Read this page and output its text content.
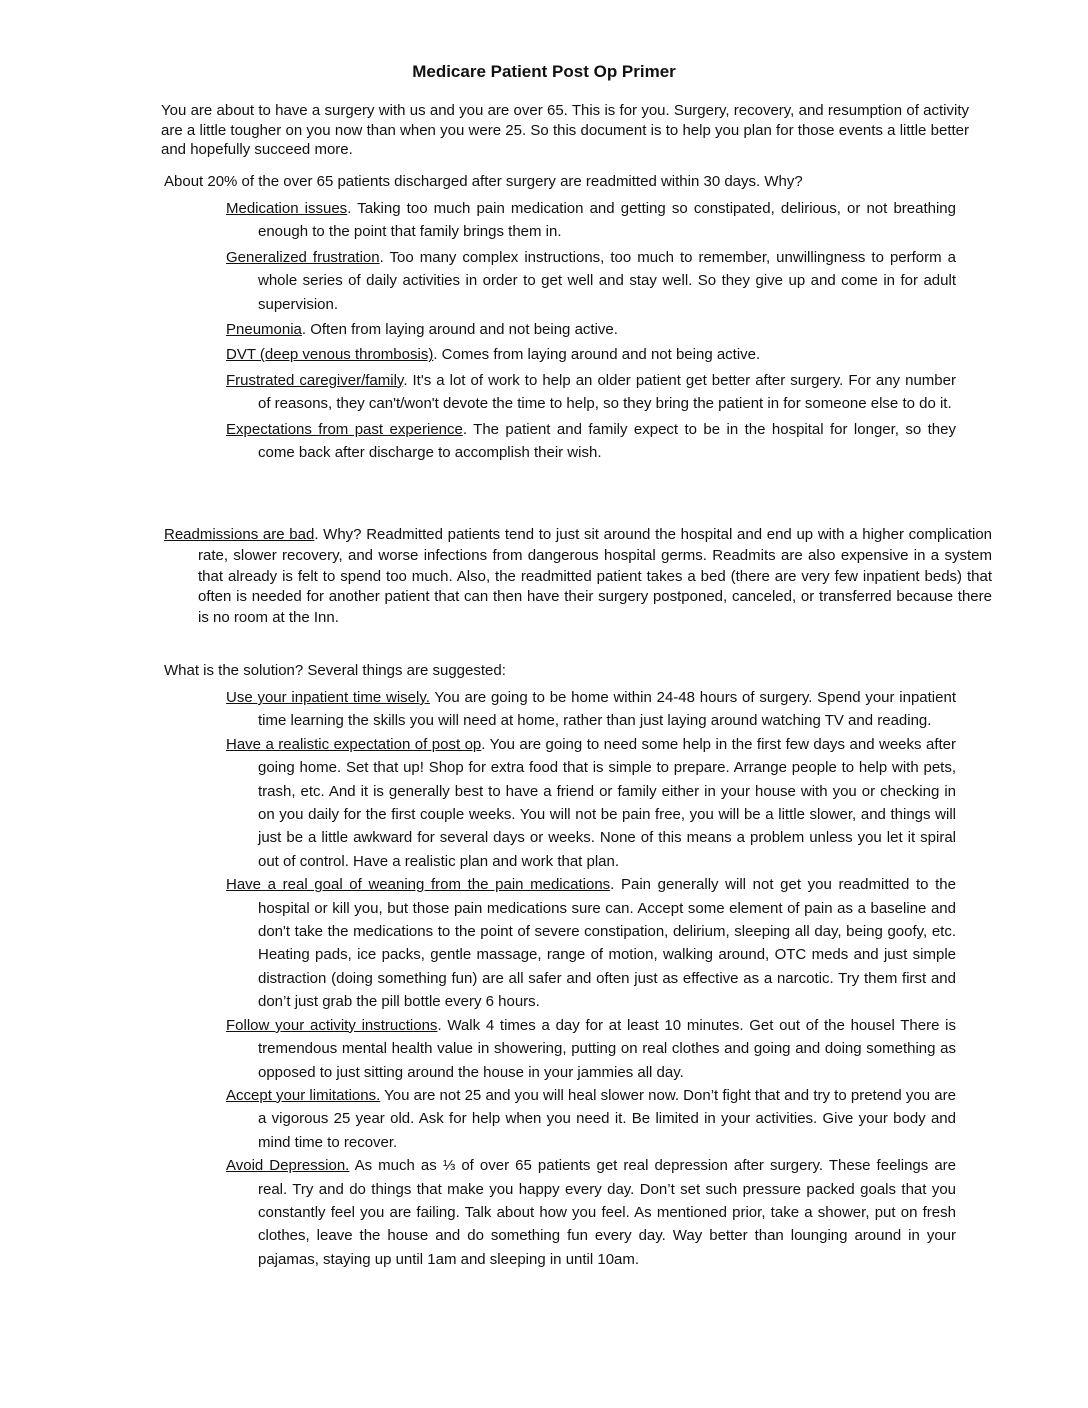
Medicare Patient Post Op Primer

You are about to have a surgery with us and you are over 65. This is for you. Surgery, recovery, and resumption of activity are a little tougher on you now than when you were 25. So this document is to help you plan for those events a little better and hopefully succeed more.

About 20% of the over 65 patients discharged after surgery are readmitted within 30 days. Why?

Medication issues. Taking too much pain medication and getting so constipated, delirious, or not breathing enough to the point that family brings them in.
Generalized frustration. Too many complex instructions, too much to remember, unwillingness to perform a whole series of daily activities in order to get well and stay well. So they give up and come in for adult supervision.
Pneumonia. Often from laying around and not being active.
DVT (deep venous thrombosis). Comes from laying around and not being active.
Frustrated caregiver/family. It's a lot of work to help an older patient get better after surgery. For any number of reasons, they can't/won't devote the time to help, so they bring the patient in for someone else to do it.
Expectations from past experience. The patient and family expect to be in the hospital for longer, so they come back after discharge to accomplish their wish.

Readmissions are bad. Why? Readmitted patients tend to just sit around the hospital and end up with a higher complication rate, slower recovery, and worse infections from dangerous hospital germs. Readmits are also expensive in a system that already is felt to spend too much. Also, the readmitted patient takes a bed (there are very few inpatient beds) that often is needed for another patient that can then have their surgery postponed, canceled, or transferred because there is no room at the Inn.

What is the solution? Several things are suggested:

Use your inpatient time wisely. You are going to be home within 24-48 hours of surgery. Spend your inpatient time learning the skills you will need at home, rather than just laying around watching TV and reading.
Have a realistic expectation of post op. You are going to need some help in the first few days and weeks after going home. Set that up! Shop for extra food that is simple to prepare. Arrange people to help with pets, trash, etc. And it is generally best to have a friend or family either in your house with you or checking in on you daily for the first couple weeks. You will not be pain free, you will be a little slower, and things will just be a little awkward for several days or weeks. None of this means a problem unless you let it spiral out of control. Have a realistic plan and work that plan.
Have a real goal of weaning from the pain medications. Pain generally will not get you readmitted to the hospital or kill you, but those pain medications sure can. Accept some element of pain as a baseline and don't take the medications to the point of severe constipation, delirium, sleeping all day, being goofy, etc. Heating pads, ice packs, gentle massage, range of motion, walking around, OTC meds and just simple distraction (doing something fun) are all safer and often just as effective as a narcotic. Try them first and don’t just grab the pill bottle every 6 hours.
Follow your activity instructions. Walk 4 times a day for at least 10 minutes. Get out of the housel There is tremendous mental health value in showering, putting on real clothes and going and doing something as opposed to just sitting around the house in your jammies all day.
Accept your limitations. You are not 25 and you will heal slower now. Don’t fight that and try to pretend you are a vigorous 25 year old. Ask for help when you need it. Be limited in your activities. Give your body and mind time to recover.
Avoid Depression. As much as ⅓ of over 65 patients get real depression after surgery. These feelings are real. Try and do things that make you happy every day. Don’t set such pressure packed goals that you constantly feel you are failing. Talk about how you feel. As mentioned prior, take a shower, put on fresh clothes, leave the house and do something fun every day. Way better than lounging around in your pajamas, staying up until 1am and sleeping in until 10am.
